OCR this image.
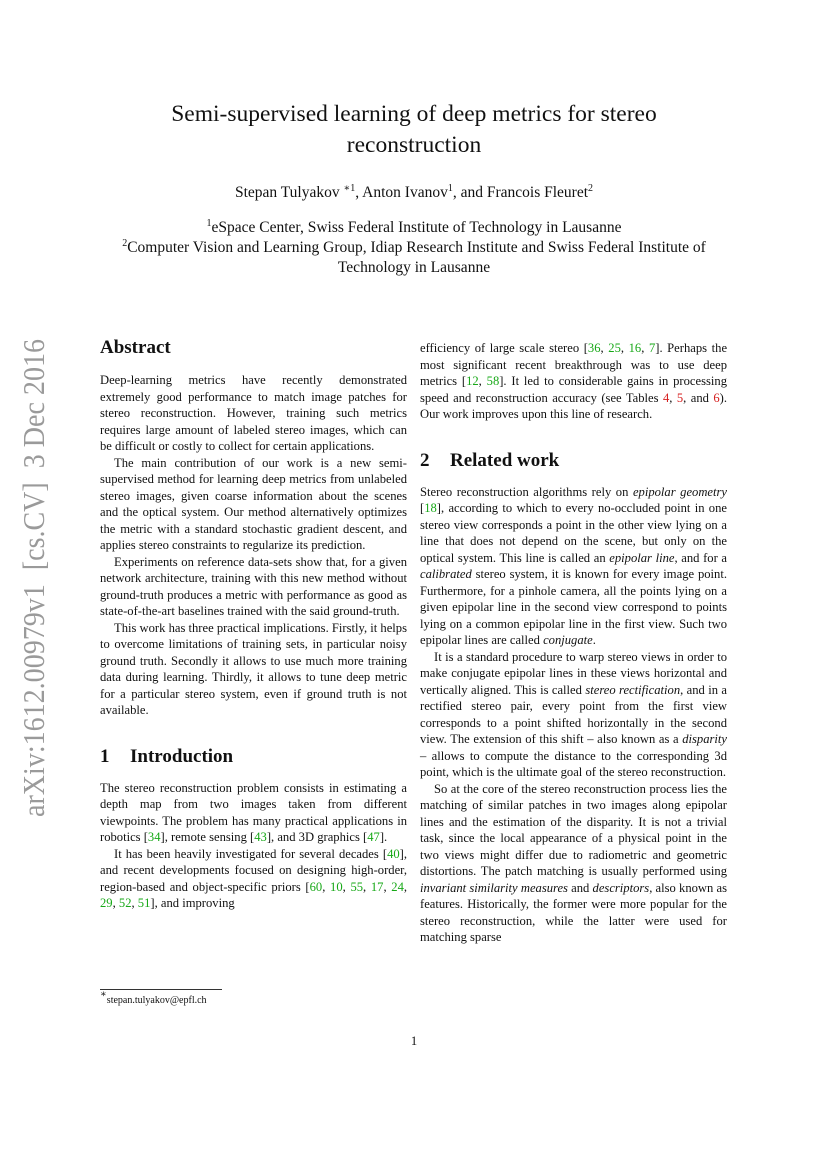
arXiv:1612.00979v1  [cs.CV]  3 Dec 2016
Semi-supervised learning of deep metrics for stereo
reconstruction
Stepan Tulyakov $^{∗1}$, Anton Ivanov$^1$, and Francois Fleuret$^2$
$^1$eSpace Center, Swiss Federal Institute of Technology in Lausanne
$^2$Computer Vision and Learning Group, Idiap Research Institute and Swiss Federal Institute of Technology in Lausanne
Abstract

Deep-learning metrics have recently demonstrated extremely good performance to match image patches for stereo reconstruction. However, training such metrics requires large amount of labeled stereo images, which can be difficult or costly to collect for certain applications.

The main contribution of our work is a new semi-supervised method for learning deep metrics from unlabeled stereo images, given coarse information about the scenes and the optical system. Our method alternatively optimizes the metric with a standard stochastic gradient descent, and applies stereo constraints to regularize its prediction.

Experiments on reference data-sets show that, for a given network architecture, training with this new method without ground-truth produces a metric with performance as good as state-of-the-art baselines trained with the said ground-truth.

This work has three practical implications. Firstly, it helps to overcome limitations of training sets, in particular noisy ground truth. Secondly it allows to use much more training data during learning. Thirdly, it allows to tune deep metric for a particular stereo system, even if ground truth is not available.

1 Introduction

The stereo reconstruction problem consists in estimating a depth map from two images taken from different viewpoints. The problem has many practical applications in robotics [34], remote sensing [43], and 3D graphics [47].

It has been heavily investigated for several decades [40], and recent developments focused on designing high-order, region-based and object-specific priors [60, 10, 55, 17, 24, 29, 52, 51], and improving

efficiency of large scale stereo [36, 25, 16, 7]. Perhaps the most significant recent breakthrough was to use deep metrics [12, 58]. It led to considerable gains in processing speed and reconstruction accuracy (see Tables 4, 5, and 6). Our work improves upon this line of research.

2 Related work

Stereo reconstruction algorithms rely on epipolar geometry [18], according to which to every no-occluded point in one stereo view corresponds a point in the other view lying on a line that does not depend on the scene, but only on the optical system. This line is called an epipolar line, and for a calibrated stereo system, it is known for every image point. Furthermore, for a pinhole camera, all the points lying on a given epipolar line in the second view correspond to points lying on a common epipolar line in the first view. Such two epipolar lines are called conjugate.

It is a standard procedure to warp stereo views in order to make conjugate epipolar lines in these views horizontal and vertically aligned. This is called stereo rectification, and in a rectified stereo pair, every point from the first view corresponds to a point shifted horizontally in the second view. The extension of this shift – also known as a disparity – allows to compute the distance to the corresponding 3d point, which is the ultimate goal of the stereo reconstruction.

So at the core of the stereo reconstruction process lies the matching of similar patches in two images along epipolar lines and the estimation of the disparity. It is not a trivial task, since the local appearance of a physical point in the two views might differ due to radiometric and geometric distortions. The patch matching is usually performed using invariant similarity measures and descriptors, also known as features. Historically, the former were more popular for the stereo reconstruction, while the latter were used for matching sparse

∗stepan.tulyakov@epfl.ch
1
